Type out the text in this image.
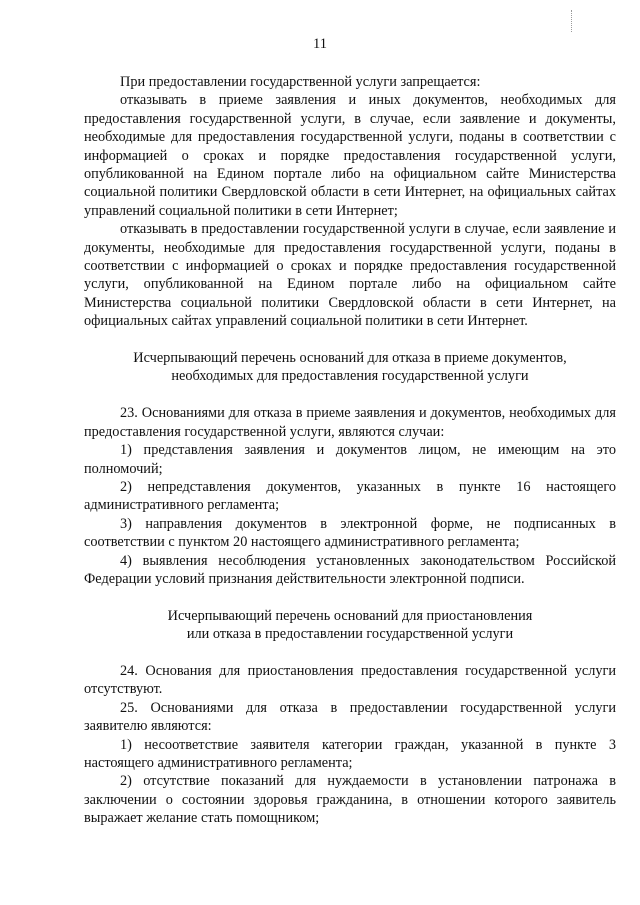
11

При предоставлении государственной услуги запрещается:

отказывать в приеме заявления и иных документов, необходимых для предоставления государственной услуги, в случае, если заявление и документы, необходимые для предоставления государственной услуги, поданы в соответствии с информацией о сроках и порядке предоставления государственной услуги, опубликованной на Едином портале либо на официальном сайте Министерства социальной политики Свердловской области в сети Интернет, на официальных сайтах управлений социальной политики в сети Интернет;

отказывать в предоставлении государственной услуги в случае, если заявление и документы, необходимые для предоставления государственной услуги, поданы в соответствии с информацией о сроках и порядке предоставления государственной услуги, опубликованной на Едином портале либо на официальном сайте Министерства социальной политики Свердловской области в сети Интернет, на официальных сайтах управлений социальной политики в сети Интернет.

Исчерпывающий перечень оснований для отказа в приеме документов,
необходимых для предоставления государственной услуги

23. Основаниями для отказа в приеме заявления и документов, необходимых для предоставления государственной услуги, являются случаи:

1) представления заявления и документов лицом, не имеющим на это полномочий;

2) непредставления документов, указанных в пункте 16 настоящего административного регламента;

3) направления документов в электронной форме, не подписанных в соответствии с пунктом 20 настоящего административного регламента;

4) выявления несоблюдения установленных законодательством Российской Федерации условий признания действительности электронной подписи.

Исчерпывающий перечень оснований для приостановления
или отказа в предоставлении государственной услуги

24. Основания для приостановления предоставления государственной услуги отсутствуют.

25. Основаниями для отказа в предоставлении государственной услуги заявителю являются:

1) несоответствие заявителя категории граждан, указанной в пункте 3 настоящего административного регламента;

2) отсутствие показаний для нуждаемости в установлении патронажа в заключении о состоянии здоровья гражданина, в отношении которого заявитель выражает желание стать помощником;
